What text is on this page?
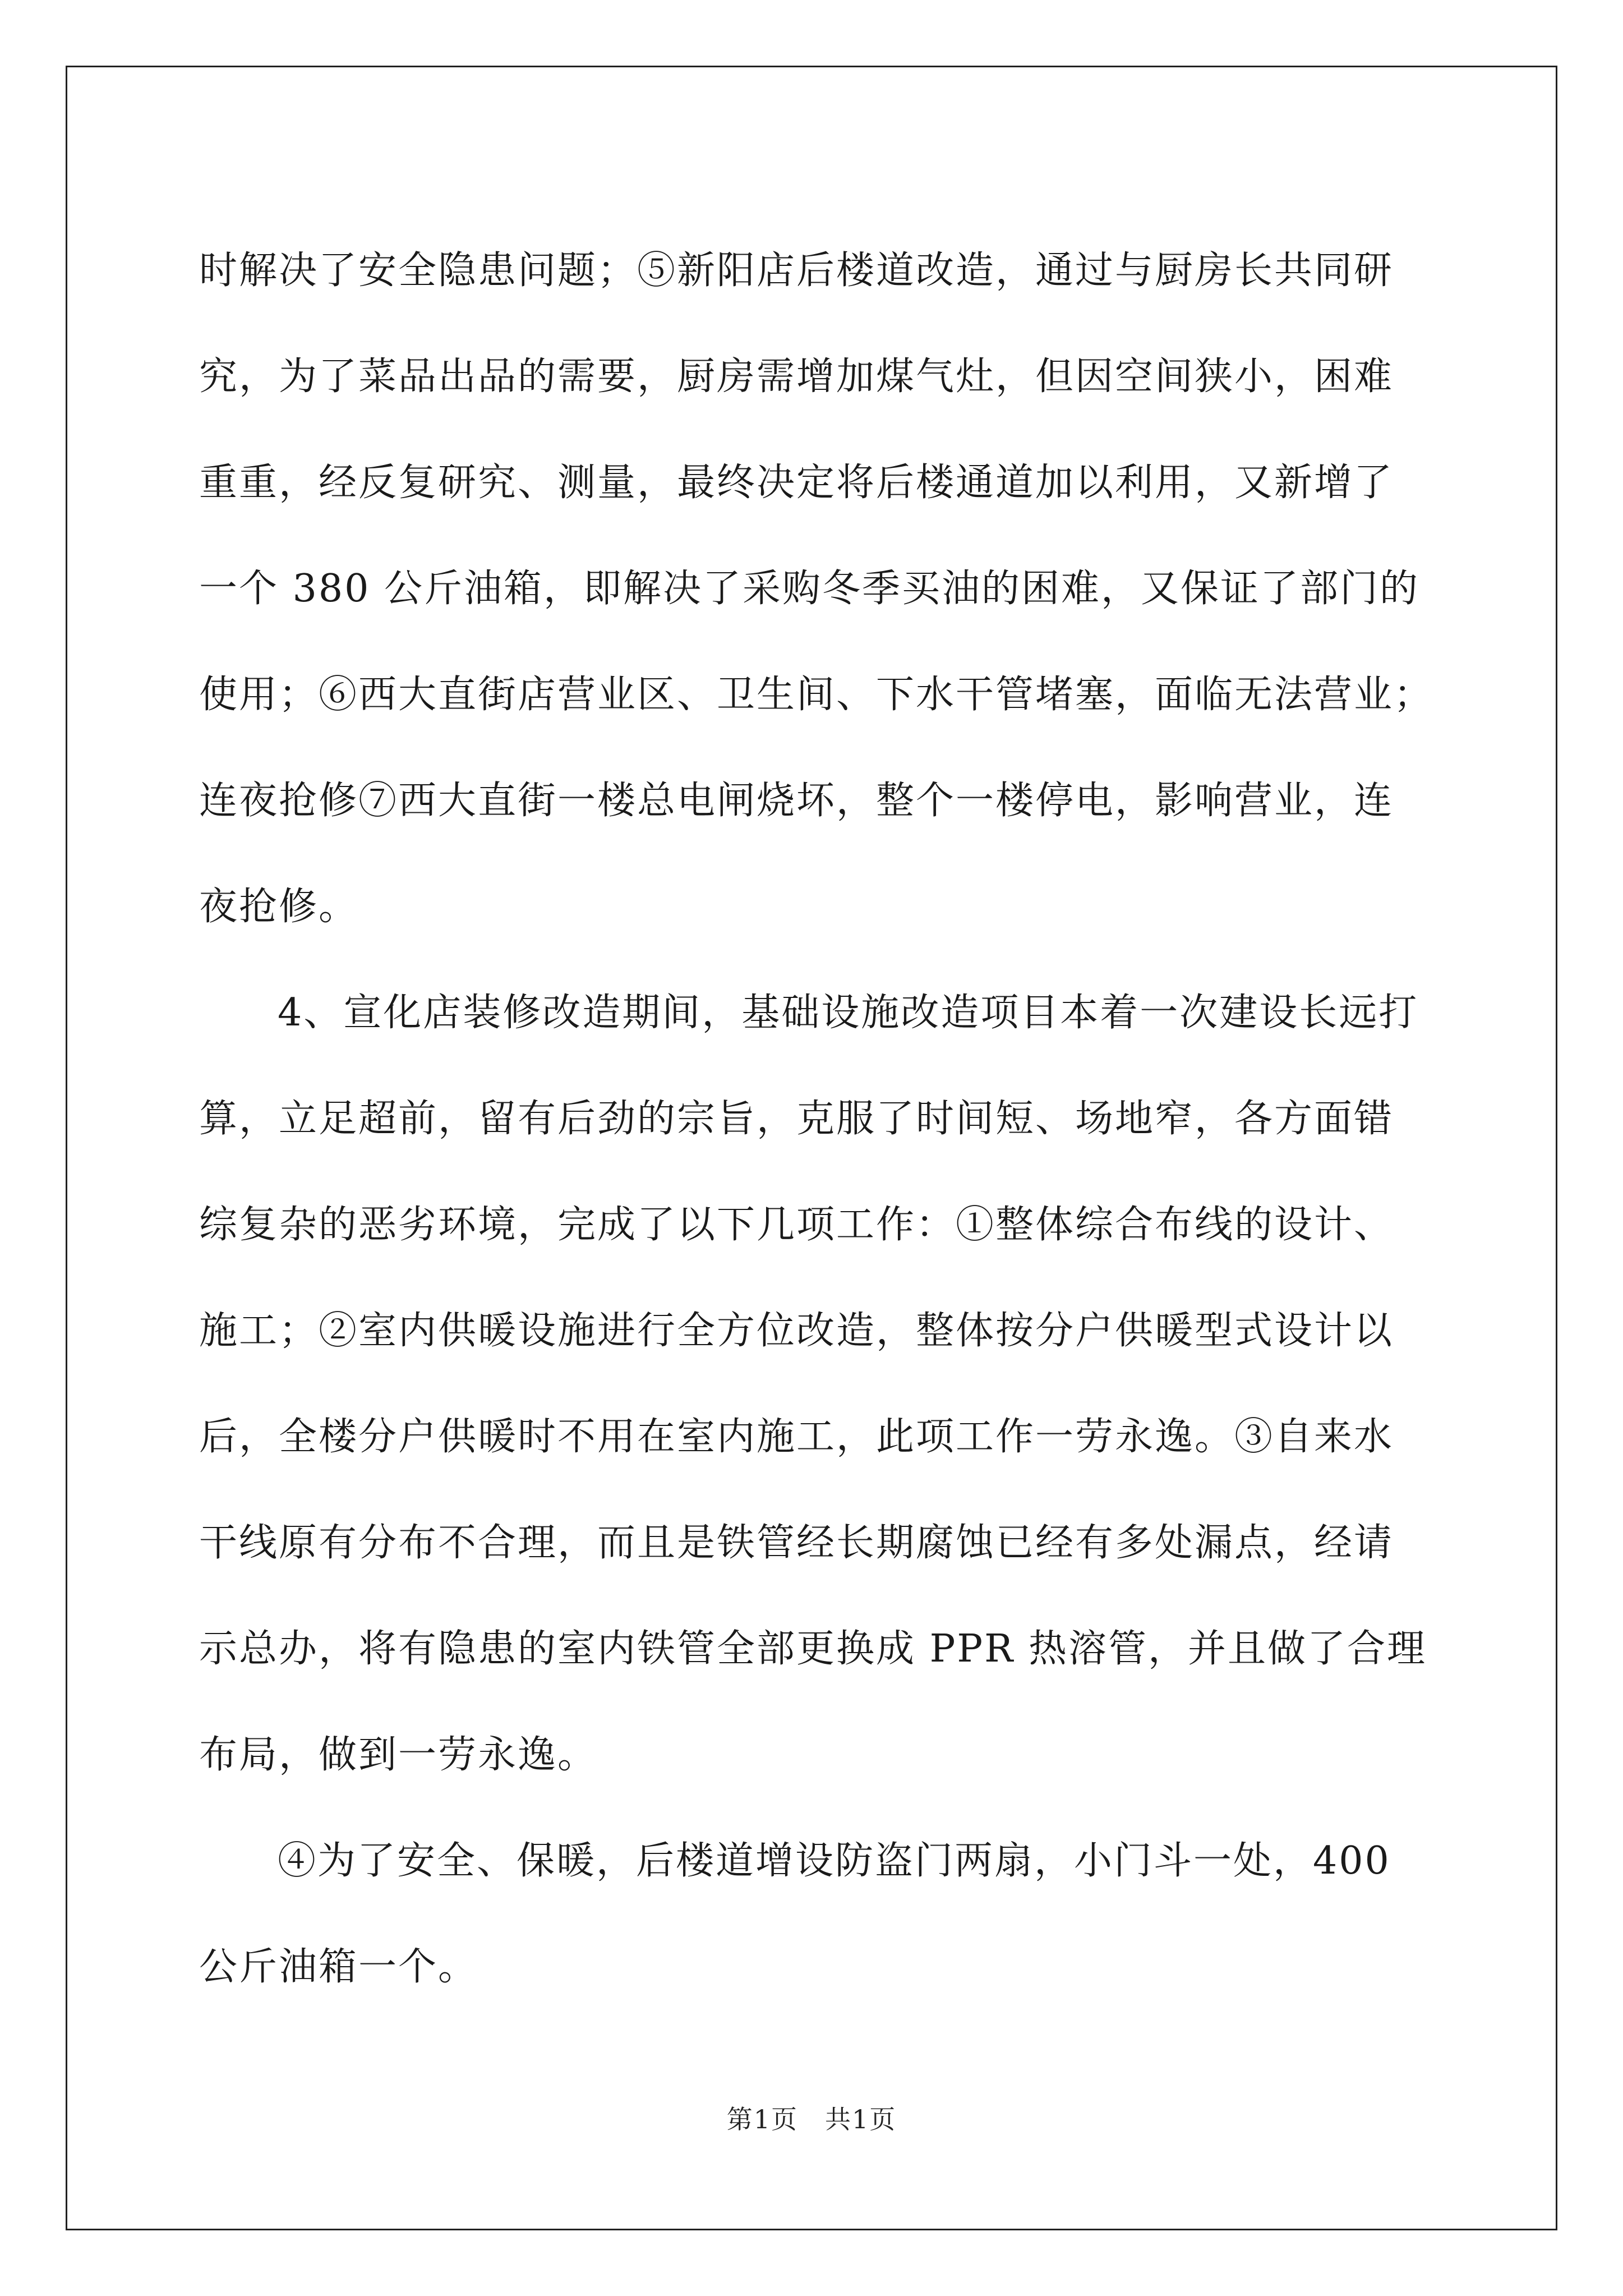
时解决了安全隐患问题；⑤新阳店后楼道改造，通过与厨房长共同研
究，为了菜品出品的需要，厨房需增加煤气灶，但因空间狭小，困难
重重，经反复研究、测量，最终决定将后楼通道加以利用，又新增了
一个 380 公斤油箱，即解决了采购冬季买油的困难，又保证了部门的
使用；⑥西大直街店营业区、卫生间、下水干管堵塞，面临无法营业；
连夜抢修⑦西大直街一楼总电闸烧坏，整个一楼停电，影响营业，连
夜抢修。
4、宣化店装修改造期间，基础设施改造项目本着一次建设长远打
算，立足超前，留有后劲的宗旨，克服了时间短、场地窄，各方面错
综复杂的恶劣环境，完成了以下几项工作：①整体综合布线的设计、
施工；②室内供暖设施进行全方位改造，整体按分户供暖型式设计以
后，全楼分户供暖时不用在室内施工，此项工作一劳永逸。③自来水
干线原有分布不合理，而且是铁管经长期腐蚀已经有多处漏点，经请
示总办，将有隐患的室内铁管全部更换成 PPR 热溶管，并且做了合理
布局，做到一劳永逸。
④为了安全、保暖，后楼道增设防盗门两扇，小门斗一处，400
公斤油箱一个。
第1页　共1页
